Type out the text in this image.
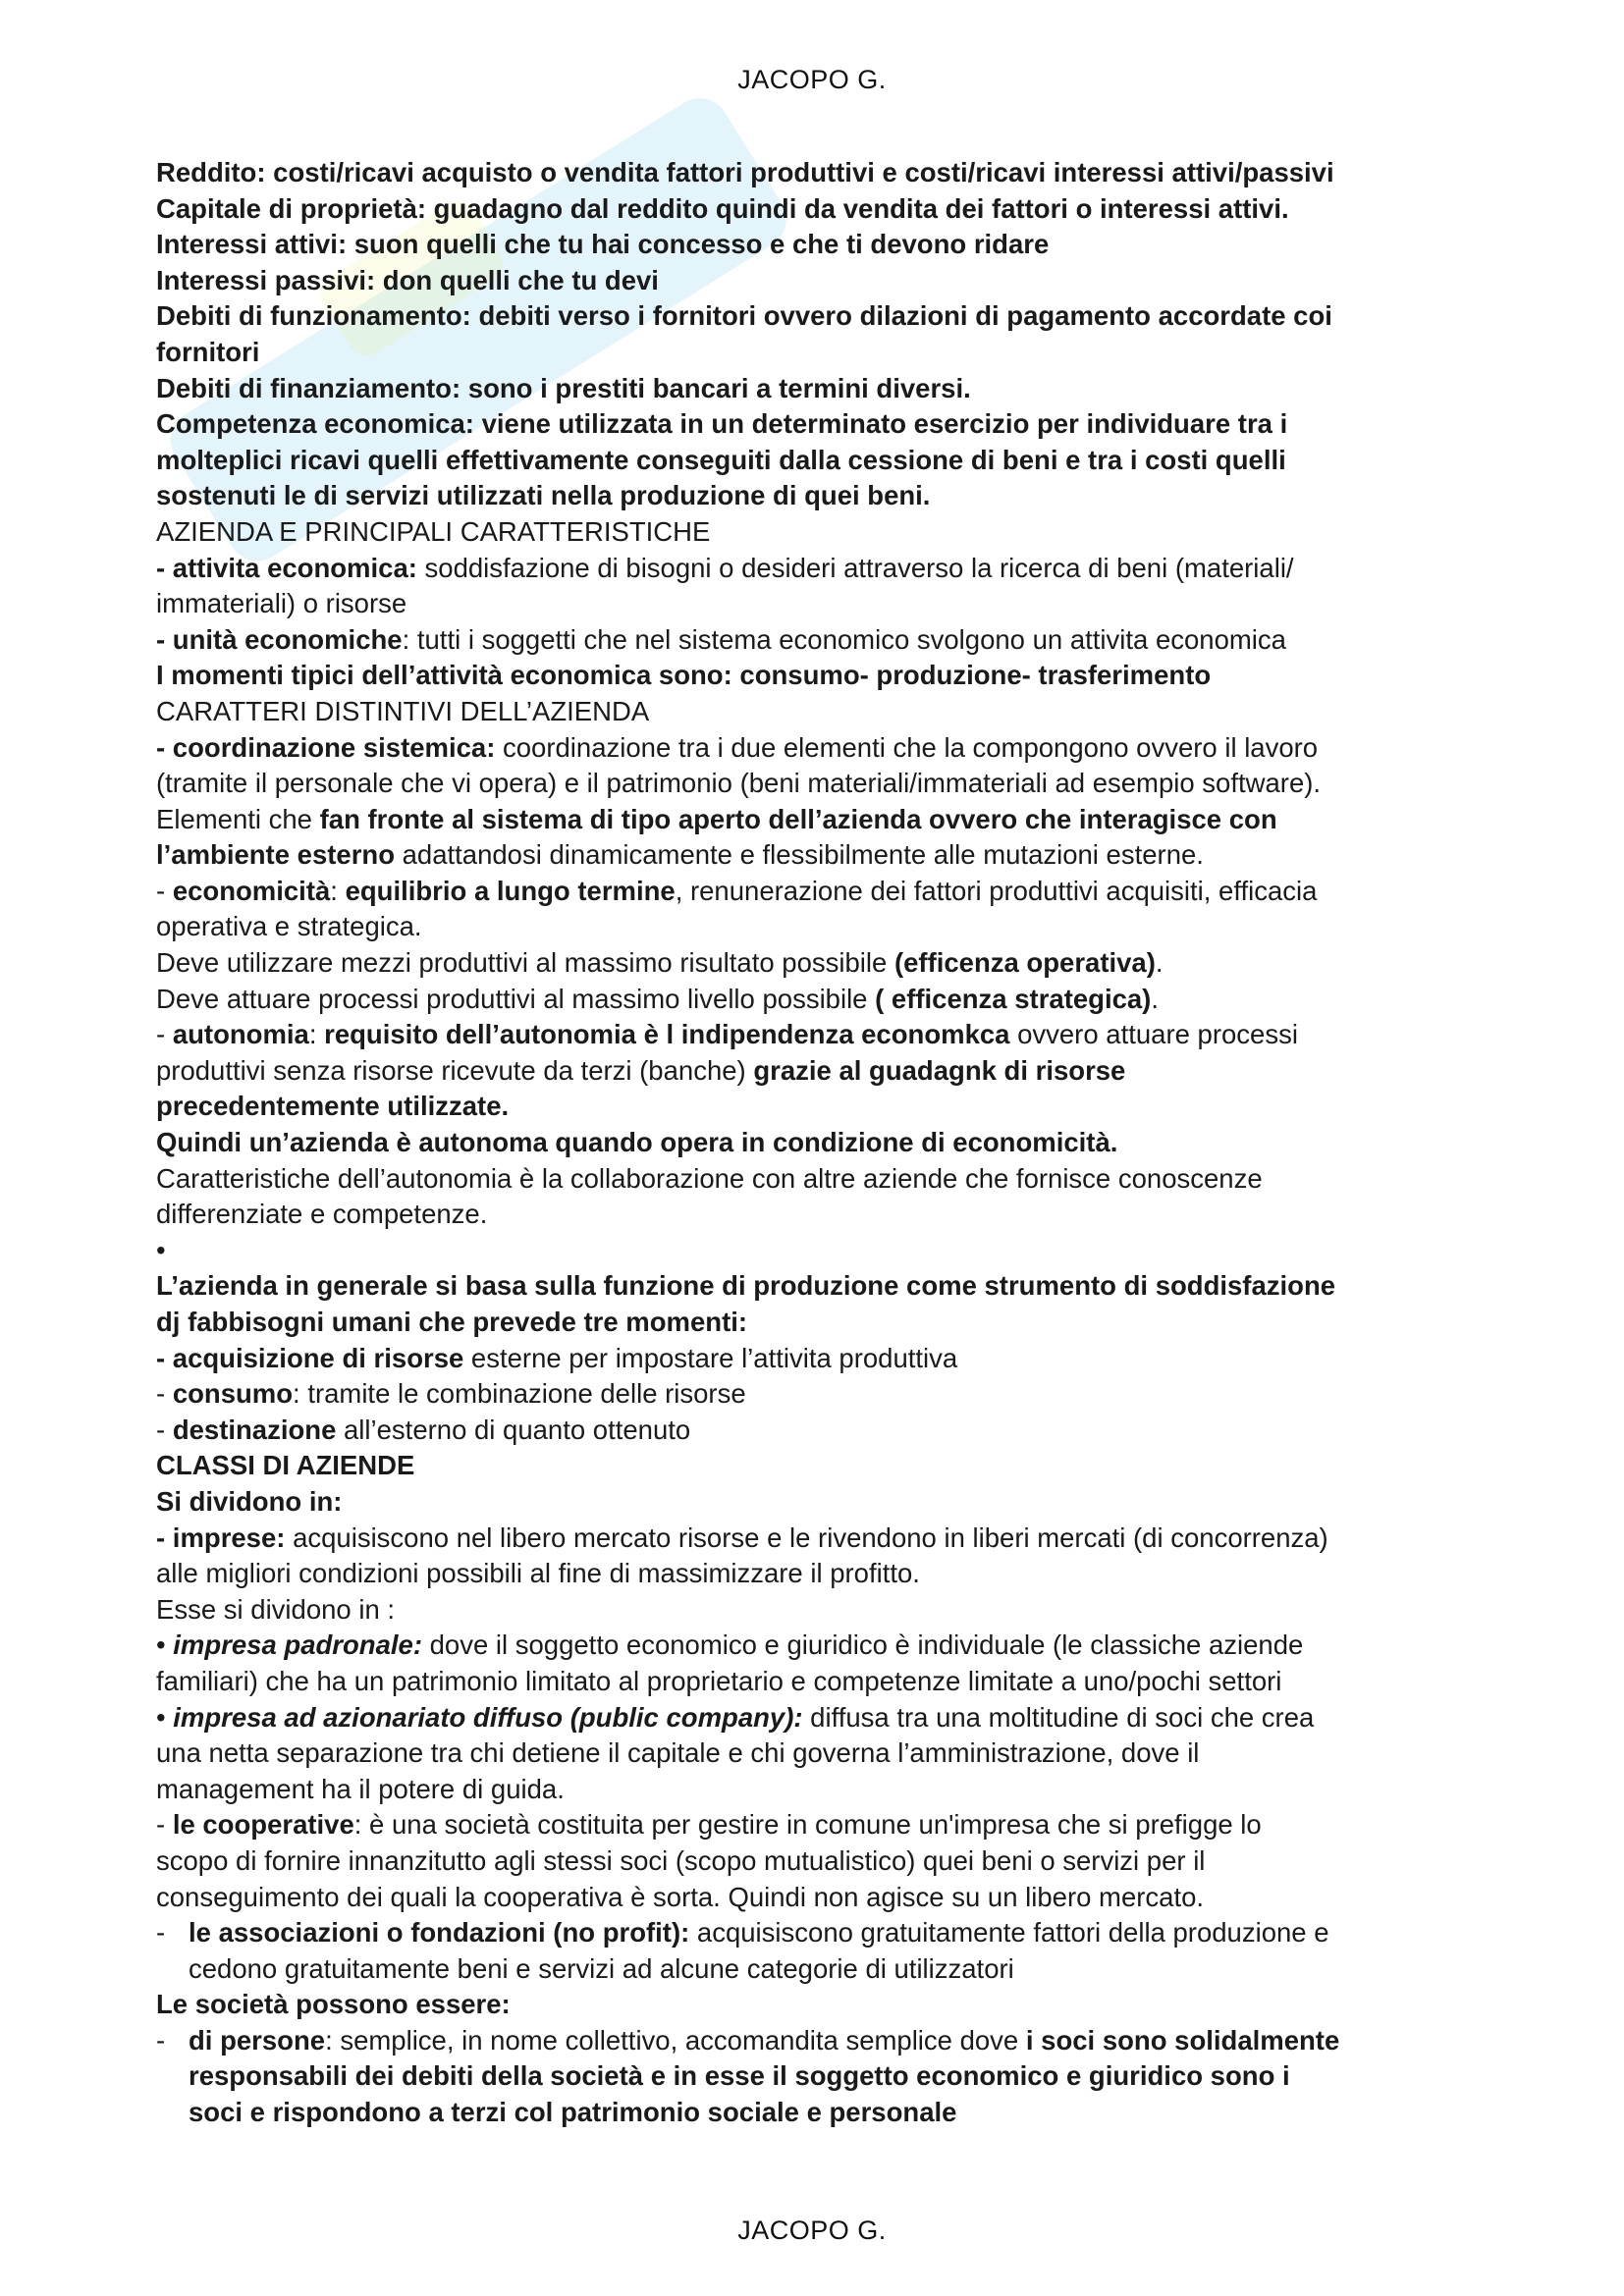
JACOPO G.
Reddito: costi/ricavi acquisto o vendita fattori produttivi e costi/ricavi interessi attivi/passivi
Capitale di proprietà: guadagno dal reddito quindi da vendita dei fattori o interessi attivi.
Interessi attivi: suon quelli che tu hai concesso e che ti devono ridare
Interessi passivi: don quelli che tu devi
Debiti di funzionamento: debiti verso i fornitori ovvero dilazioni di pagamento accordate coi
fornitori
Debiti di finanziamento: sono i prestiti bancari a termini diversi.
Competenza economica: viene utilizzata in un determinato esercizio per individuare tra i
molteplici ricavi quelli effettivamente conseguiti dalla cessione di beni e tra i costi quelli
sostenuti le di servizi utilizzati nella produzione di quei beni.
AZIENDA E PRINCIPALI CARATTERISTICHE
- attivita economica: soddisfazione di bisogni o desideri attraverso la ricerca di beni (materiali/
immateriali) o risorse
- unità economiche: tutti i soggetti che nel sistema economico svolgono un attivita economica
I momenti tipici dell’attività economica sono: consumo- produzione- trasferimento
CARATTERI DISTINTIVI DELL’AZIENDA
- coordinazione sistemica: coordinazione tra i due elementi che la compongono ovvero il lavoro
(tramite il personale che vi opera) e il patrimonio (beni materiali/immateriali ad esempio software).
Elementi che fan fronte al sistema di tipo aperto dell’azienda ovvero che interagisce con
l’ambiente esterno adattandosi dinamicamente e flessibilmente alle mutazioni esterne.
- economicità: equilibrio a lungo termine, renunerazione dei fattori produttivi acquisiti, efficacia
operativa e strategica.
Deve utilizzare mezzi produttivi al massimo risultato possibile (efficenza operativa).
Deve attuare processi produttivi al massimo livello possibile ( efficenza strategica).
- autonomia: requisito dell’autonomia è l indipendenza economkca ovvero attuare processi
produttivi senza risorse ricevute da terzi (banche) grazie al guadagnk di risorse
precedentemente utilizzate.
Quindi un’azienda è autonoma quando opera in condizione di economicità.
Caratteristiche dell’autonomia è la collaborazione con altre aziende che fornisce conoscenze
differenziate e competenze.
•
L’azienda in generale si basa sulla funzione di produzione come strumento di soddisfazione
dj fabbisogni umani che prevede tre momenti:
- acquisizione di risorse esterne per impostare l’attivita produttiva
- consumo: tramite le combinazione delle risorse
- destinazione all’esterno di quanto ottenuto
CLASSI DI AZIENDE
Si dividono in:
- imprese: acquisiscono nel libero mercato risorse e le rivendono in liberi mercati (di concorrenza)
alle migliori condizioni possibili al fine di massimizzare il profitto.
Esse si dividono in :
• impresa padronale: dove il soggetto economico e giuridico è individuale (le classiche aziende
familiari) che ha un patrimonio limitato al proprietario e competenze limitate a uno/pochi settori
• impresa ad azionariato diffuso (public company): diffusa tra una moltitudine di soci che crea
una netta separazione tra chi detiene il capitale e chi governa l’amministrazione, dove il
management ha il potere di guida.
- le cooperative: è una società costituita per gestire in comune un'impresa che si prefigge lo
scopo di fornire innanzitutto agli stessi soci (scopo mutualistico) quei beni o servizi per il
conseguimento dei quali la cooperativa è sorta. Quindi non agisce su un libero mercato.
- le associazioni o fondazioni (no profit): acquisiscono gratuitamente fattori della produzione e
cedono gratuitamente beni e servizi ad alcune categorie di utilizzatori
Le società possono essere:
- di persone: semplice, in nome collettivo, accomandita semplice dove i soci sono solidalmente
responsabili dei debiti della società e in esse il soggetto economico e giuridico sono i
soci e rispondono a terzi col patrimonio sociale e personale
JACOPO G.
